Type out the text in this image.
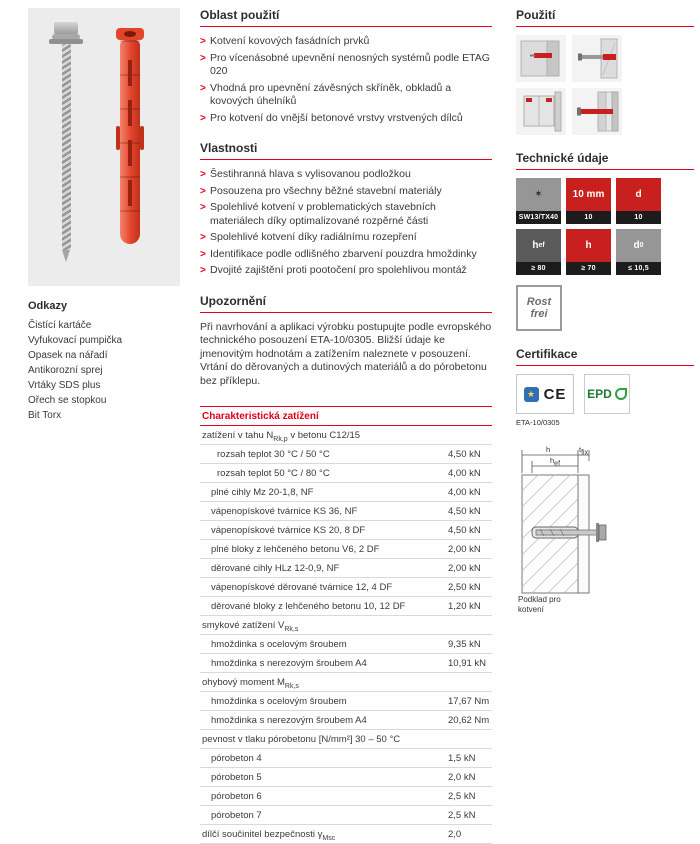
Odkazy
Čistící kartáče
Vyfukovací pumpička
Opasek na nářadí
Antikorozní sprej
Vrtáky SDS plus
Ořech se stopkou
Bit Torx
Oblast použití
> Kotvení kovových fasádních prvků
> Pro vícenásobné upevnění nenosných systémů podle ETAG 020
> Vhodná pro upevnění závěsných skříněk, obkladů a kovových úhelníků
> Pro kotvení do vnější betonové vrstvy vrstvených dílců
Vlastnosti
> Šestihranná hlava s vylisovanou podložkou
> Posouzena pro všechny běžné stavební materiály
> Spolehlivé kotvení v problematických stavebních materiálech díky optimalizované rozpěrné části
> Spolehlivé kotvení díky radiálnímu rozepření
> Identifikace podle odlišného zbarvení pouzdra hmoždinky
> Dvojité zajištění proti pootočení pro spolehlivou montáž
Upozornění

Při navrhování a aplikaci výrobku postupujte podle evropského technického posouzení ETA-10/0305. Bližší údaje ke jmenovitým hodnotám a zatížením naleznete v posouzení. Vrtání do děrovaných a dutinových materiálů a do pórobetonu bez příklepu.

Charakteristická zatížení
zatížení v tahu $N_{Rk,p}$ v betonu C12/15
rozsah teplot 30 °C / 50 °C	4,50 kN
rozsah teplot 50 °C / 80 °C	4,00 kN
plné cihly Mz 20-1,8, NF	4,00 kN
vápenopískové tvárnice KS 36, NF	4,50 kN
vápenopískové tvárnice KS 20, 8 DF	4,50 kN
plné bloky z lehčeného betonu V6, 2 DF	2,00 kN
děrované cihly HLz 12-0,9, NF	2,00 kN
vápenopískové děrované tvárnice 12, 4 DF	2,50 kN
děrované bloky z lehčeného betonu 10, 12 DF	1,20 kN
smykové zatížení $V_{Rk,s}$
hmoždinka s ocelovým šroubem	9,35 kN
hmoždinka s nerezovým šroubem A4	10,91 kN
ohybový moment $M_{Rk,s}$
hmoždinka s ocelovým šroubem	17,67 Nm
hmoždinka s nerezovým šroubem A4	20,62 Nm
pevnost v tlaku pórobetonu [N/mm²] 30 – 50 °C
pórobeton 4	1,5 kN
pórobeton 5	2,0 kN
pórobeton 6	2,5 kN
pórobeton 7	2,5 kN
dílčí součinitel bezpečnosti $\gamma_{Msc}$	2,0
Použití
Technické údaje
✶
SW13/TX40
10 mm
10
d
10
h ef
≥ 80
h
≥ 70
d 0
≤ 10,5
Rost frei
Certifikace
★ CE
ETA-10/0305
EPD
h	$t_{fix}$
$h_{ef}$
Podklad pro kotvení
